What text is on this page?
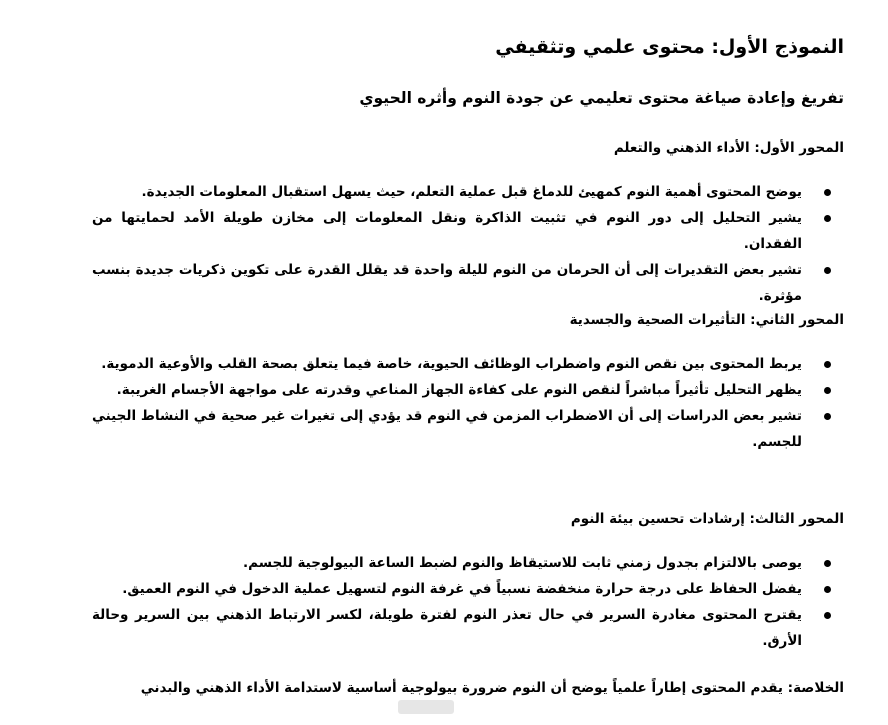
النموذج الأول: محتوى علمي وتثقيفي
تفريغ وإعادة صياغة محتوى تعليمي عن جودة النوم وأثره الحيوي
المحور الأول: الأداء الذهني والتعلم
يوضح المحتوى أهمية النوم كمهيئ للدماغ قبل عملية التعلم، حيث يسهل استقبال المعلومات الجديدة.
يشير التحليل إلى دور النوم في تثبيت الذاكرة ونقل المعلومات إلى مخازن طويلة الأمد لحمايتها من الفقدان.
تشير بعض التقديرات إلى أن الحرمان من النوم لليلة واحدة قد يقلل القدرة على تكوين ذكريات جديدة بنسب مؤثرة.
المحور الثاني: التأثيرات الصحية والجسدية
يربط المحتوى بين نقص النوم واضطراب الوظائف الحيوية، خاصة فيما يتعلق بصحة القلب والأوعية الدموية.
يظهر التحليل تأثيراً مباشراً لنقص النوم على كفاءة الجهاز المناعي وقدرته على مواجهة الأجسام الغريبة.
تشير بعض الدراسات إلى أن الاضطراب المزمن في النوم قد يؤدي إلى تغيرات غير صحية في النشاط الجيني للجسم.
المحور الثالث: إرشادات تحسين بيئة النوم
يوصى بالالتزام بجدول زمني ثابت للاستيقاظ والنوم لضبط الساعة البيولوجية للجسم.
يفضل الحفاظ على درجة حرارة منخفضة نسبياً في غرفة النوم لتسهيل عملية الدخول في النوم العميق.
يقترح المحتوى مغادرة السرير في حال تعذر النوم لفترة طويلة، لكسر الارتباط الذهني بين السرير وحالة الأرق.
الخلاصة: يقدم المحتوى إطاراً علمياً يوضح أن النوم ضرورة بيولوجية أساسية لاستدامة الأداء الذهني والبدني
